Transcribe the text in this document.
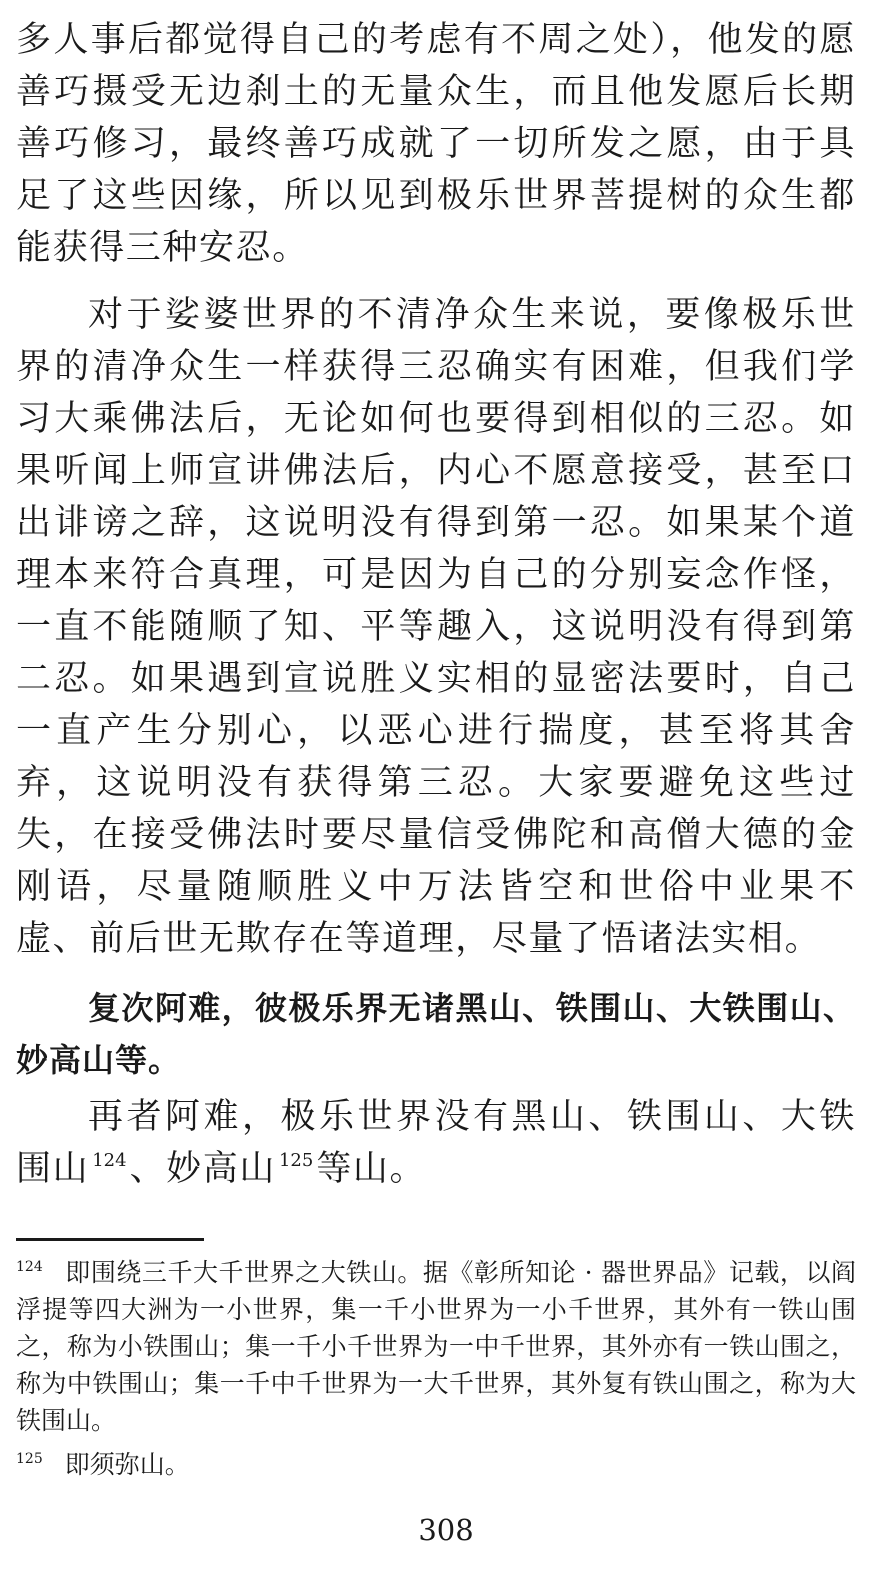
多人事后都觉得自己的考虑有不周之处），他发的愿善巧摄受无边刹土的无量众生，而且他发愿后长期善巧修习，最终善巧成就了一切所发之愿，由于具足了这些因缘，所以见到极乐世界菩提树的众生都能获得三种安忍。

对于娑婆世界的不清净众生来说，要像极乐世界的清净众生一样获得三忍确实有困难，但我们学习大乘佛法后，无论如何也要得到相似的三忍。如果听闻上师宣讲佛法后，内心不愿意接受，甚至口出诽谤之辞，这说明没有得到第一忍。如果某个道理本来符合真理，可是因为自己的分别妄念作怪，一直不能随顺了知、平等趣入，这说明没有得到第二忍。如果遇到宣说胜义实相的显密法要时，自己一直产生分别心，以恶心进行揣度，甚至将其舍弃，这说明没有获得第三忍。大家要避免这些过失，在接受佛法时要尽量信受佛陀和高僧大德的金刚语，尽量随顺胜义中万法皆空和世俗中业果不虚、前后世无欺存在等道理，尽量了悟诸法实相。

复次阿难，彼极乐界无诸黑山、铁围山、大铁围山、妙高山等。

再者阿难，极乐世界没有黑山、铁围山、大铁围山 $^{124}$、妙高山 $^{125}$等山。

$^{124}$ 即围绕三千大千世界之大铁山。据《彰所知论 · 器世界品》记载，以阎浮提等四大洲为一小世界，集一千小世界为一小千世界，其外有一铁山围之，称为小铁围山；集一千小千世界为一中千世界，其外亦有一铁山围之，称为中铁围山；集一千中千世界为一大千世界，其外复有铁山围之，称为大铁围山。

$^{125}$ 即须弥山。

308
